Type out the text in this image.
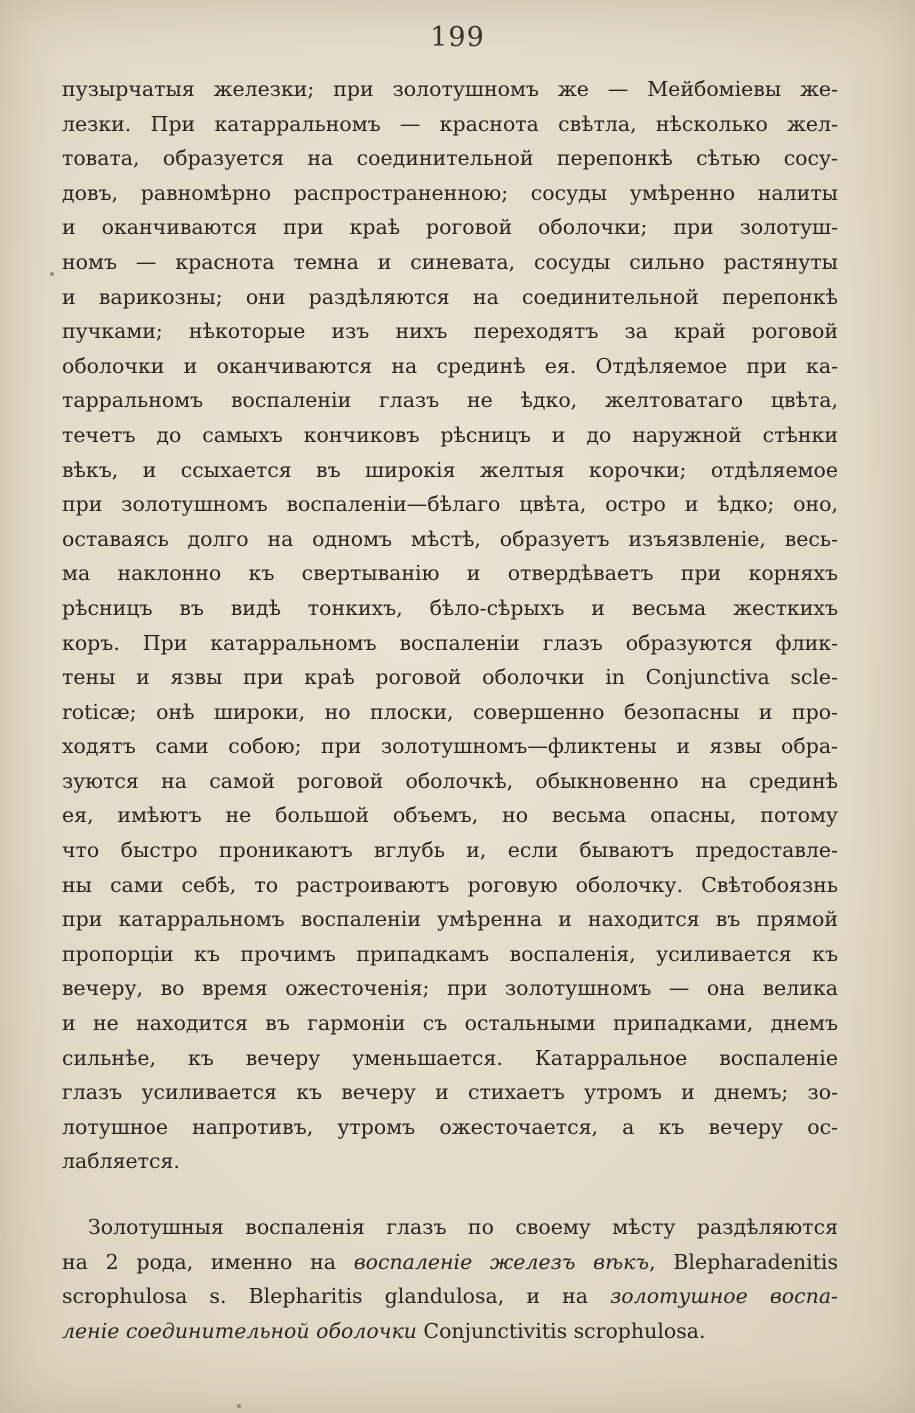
199
пузырчатыя железки; при золотушномъ же — Мейбоміевы же-
лезки. При катарральномъ — краснота свѣтла, нѣсколько жел-
товата, образуется на соединительной перепонкѣ сѣтью сосу-
довъ, равномѣрно распространенною; сосуды умѣренно налиты
и оканчиваются при краѣ роговой оболочки; при золотуш-
номъ — краснота темна и синевата, сосуды сильно растянуты
и варикозны; они раздѣляются на соединительной перепонкѣ
пучками; нѣкоторые изъ нихъ переходятъ за край роговой
оболочки и оканчиваются на срединѣ ея. Отдѣляемое при ка-
тарральномъ воспаленіи глазъ не ѣдко, желтоватаго цвѣта,
течетъ до самыхъ кончиковъ рѣсницъ и до наружной стѣнки
вѣкъ, и ссыхается въ широкія желтыя корочки; отдѣляемое
при золотушномъ воспаленіи—бѣлаго цвѣта, остро и ѣдко; оно,
оставаясь долго на одномъ мѣстѣ, образуетъ изъязвленіе, весь-
ма наклонно къ свертыванію и отвердѣваетъ при корняхъ
рѣсницъ въ видѣ тонкихъ, бѣло-сѣрыхъ и весьма жесткихъ
коръ. При катарральномъ воспаленіи глазъ образуются флик-
тены и язвы при краѣ роговой оболочки in Conjunctiva scle-
roticæ; онѣ широки, но плоски, совершенно безопасны и про-
ходятъ сами собою; при золотушномъ—фликтены и язвы обра-
зуются на самой роговой оболочкѣ, обыкновенно на срединѣ
ея, имѣютъ не большой объемъ, но весьма опасны, потому
что быстро проникаютъ вглубь и, если бываютъ предоставле-
ны сами себѣ, то растроиваютъ роговую оболочку. Свѣтобоязнь
при катарральномъ воспаленіи умѣренна и находится въ прямой
пропорціи къ прочимъ припадкамъ воспаленія, усиливается къ
вечеру, во время ожесточенія; при золотушномъ — она велика
и не находится въ гармоніи съ остальными припадками, днемъ
сильнѣе, къ вечеру уменьшается. Катарральное воспаленіе
глазъ усиливается къ вечеру и стихаетъ утромъ и днемъ; зо-
лотушное напротивъ, утромъ ожесточается, а къ вечеру ос-
лабляется.
Золотушныя воспаленія глазъ по своему мѣсту раздѣляются
на 2 рода, именно на воспаленіе железъ вѣкъ, Blepharadenitis
scrophulosa s. Blepharitis glandulosa, и на золотушное воспа-
леніе соединительной оболочки Conjunctivitis scrophulosa.
